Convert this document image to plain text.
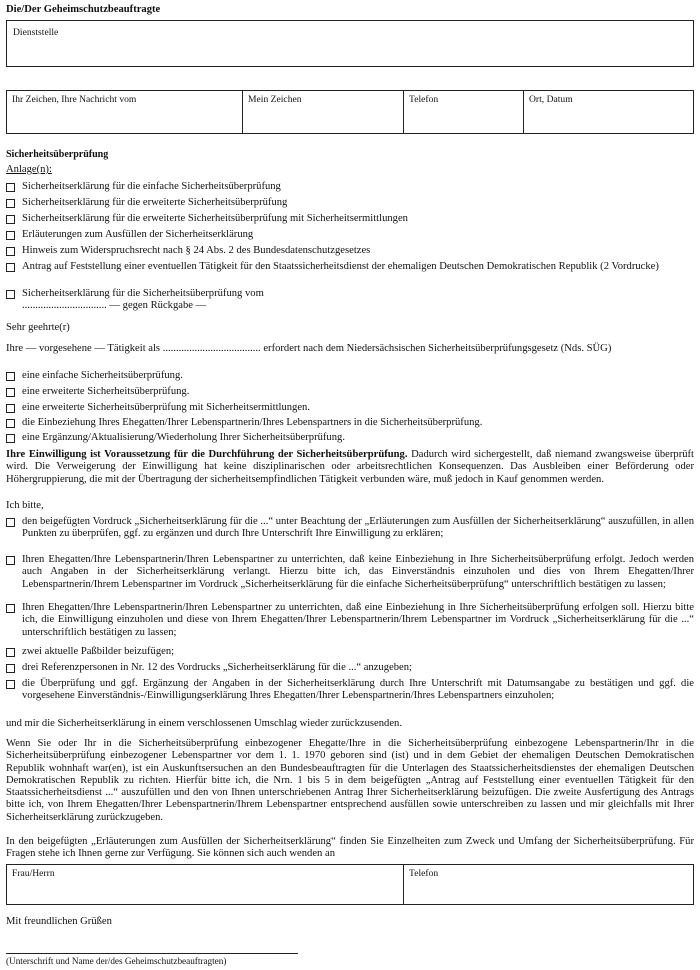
Die/Der Geheimschutzbeauftragte
Dienststelle
Ihr Zeichen, Ihre Nachricht vom	Mein Zeichen	Telefon	Ort, Datum
Sicherheitsüberprüfung
Anlage(n):
Sicherheitserklärung für die einfache Sicherheitsüberprüfung
Sicherheitserklärung für die erweiterte Sicherheitsüberprüfung
Sicherheitserklärung für die erweiterte Sicherheitsüberprüfung mit Sicherheitsermittlungen
Erläuterungen zum Ausfüllen der Sicherheitserklärung
Hinweis zum Widerspruchsrecht nach § 24 Abs. 2 des Bundesdatenschutzgesetzes
Antrag auf Feststellung einer eventuellen Tätigkeit für den Staatssicherheitsdienst der ehemaligen Deutschen Demokratischen Republik (2 Vordrucke)
Sicherheitserklärung für die Sicherheitsüberprüfung vom ................................ — gegen Rückgabe —
Sehr geehrte(r)
Ihre — vorgesehene — Tätigkeit als ..................................... erfordert nach dem Niedersächsischen Sicherheitsüberprüfungsgesetz (Nds. SÜG)
eine einfache Sicherheitsüberprüfung.
eine erweiterte Sicherheitsüberprüfung.
eine erweiterte Sicherheitsüberprüfung mit Sicherheitsermittlungen.
die Einbeziehung Ihres Ehegatten/Ihrer Lebenspartnerin/Ihres Lebenspartners in die Sicherheitsüberprüfung.
eine Ergänzung/Aktualisierung/Wiederholung Ihrer Sicherheitsüberprüfung.
Ihre Einwilligung ist Voraussetzung für die Durchführung der Sicherheitsüberprüfung. Dadurch wird sichergestellt, daß niemand zwangsweise überprüft wird. Die Verweigerung der Einwilligung hat keine disziplinarischen oder arbeitsrechtlichen Konsequenzen. Das Ausbleiben einer Beförderung oder Höhergruppierung, die mit der Übertragung der sicherheitsempfindlichen Tätigkeit verbunden wäre, muß jedoch in Kauf genommen werden.
Ich bitte,
den beigefügten Vordruck „Sicherheitserklärung für die ...“ unter Beachtung der „Erläuterungen zum Ausfüllen der Sicherheitserklärung“ auszufüllen, in allen Punkten zu überprüfen, ggf. zu ergänzen und durch Ihre Unterschrift Ihre Einwilligung zu erklären;
Ihren Ehegatten/Ihre Lebenspartnerin/Ihren Lebenspartner zu unterrichten, daß keine Einbeziehung in Ihre Sicherheitsüberprüfung erfolgt. Jedoch werden auch Angaben in der Sicherheitserklärung verlangt. Hierzu bitte ich, das Einverständnis einzuholen und dies von Ihrem Ehegatten/Ihrer Lebenspartnerin/Ihrem Lebenspartner im Vordruck „Sicherheitserklärung für die einfache Sicherheitsüberprüfung“ unterschriftlich bestätigen zu lassen;
Ihren Ehegatten/Ihre Lebenspartnerin/Ihren Lebenspartner zu unterrichten, daß eine Einbeziehung in Ihre Sicherheitsüberprüfung erfolgen soll. Hierzu bitte ich, die Einwilligung einzuholen und diese von Ihrem Ehegatten/Ihrer Lebenspartnerin/Ihrem Lebenspartner im Vordruck „Sicherheitserklärung für die ...“ unterschriftlich bestätigen zu lassen;
zwei aktuelle Paßbilder beizufügen;
drei Referenzpersonen in Nr. 12 des Vordrucks „Sicherheitserklärung für die ...“ anzugeben;
die Überprüfung und ggf. Ergänzung der Angaben in der Sicherheitserklärung durch Ihre Unterschrift mit Datumsangabe zu bestätigen und ggf. die vorgesehene Einverständnis-/Einwilligungserklärung Ihres Ehegatten/Ihrer Lebenspartnerin/Ihres Lebenspartners einzuholen;
und mir die Sicherheitserklärung in einem verschlossenen Umschlag wieder zurückzusenden.
Wenn Sie oder Ihr in die Sicherheitsüberprüfung einbezogener Ehegatte/Ihre in die Sicherheitsüberprüfung einbezogene Lebenspartnerin/Ihr in die Sicherheitsüberprüfung einbezogener Lebenspartner vor dem 1. 1. 1970 geboren sind (ist) und in dem Gebiet der ehemaligen Deutschen Demokratischen Republik wohnhaft war(en), ist ein Auskunftsersuchen an den Bundesbeauftragten für die Unterlagen des Staatssicherheitsdienstes der ehemaligen Deutschen Demokratischen Republik zu richten. Hierfür bitte ich, die Nrn. 1 bis 5 in dem beigefügten „Antrag auf Feststellung einer eventuellen Tätigkeit für den Staatssicherheitsdienst ...“ auszufüllen und den von Ihnen unterschriebenen Antrag Ihrer Sicherheitserklärung beizufügen. Die zweite Ausfertigung des Antrags bitte ich, von Ihrem Ehegatten/Ihrer Lebenspartnerin/Ihrem Lebenspartner entsprechend ausfüllen sowie unterschreiben zu lassen und mir gleichfalls mit Ihrer Sicherheitserklärung zurückzugeben.
In den beigefügten „Erläuterungen zum Ausfüllen der Sicherheitserklärung“ finden Sie Einzelheiten zum Zweck und Umfang der Sicherheitsüberprüfung. Für Fragen stehe ich Ihnen gerne zur Verfügung. Sie können sich auch wenden an
Frau/Herrn	Telefon
Mit freundlichen Grüßen
(Unterschrift und Name der/des Geheimschutzbeauftragten)
